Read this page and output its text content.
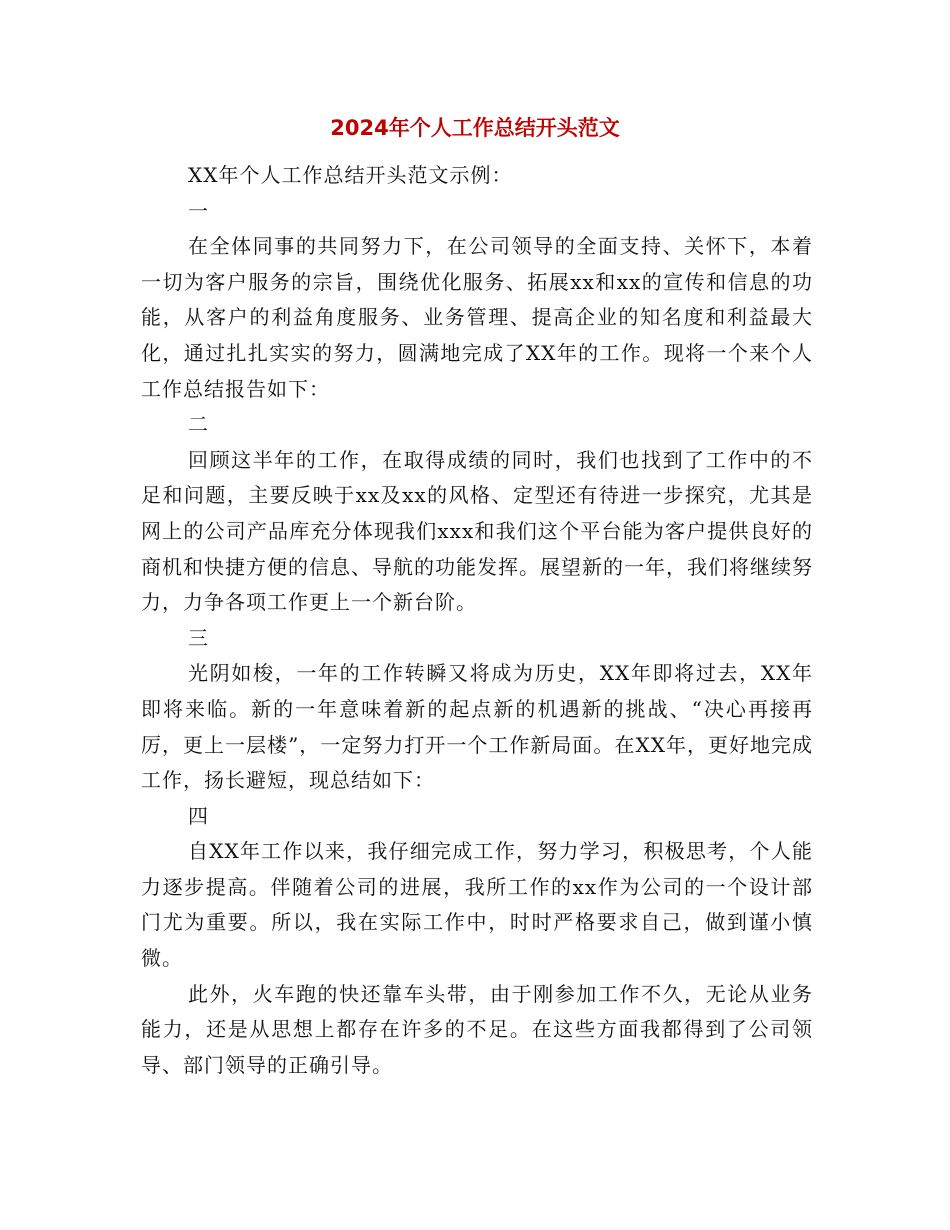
2024年个人工作总结开头范文

XX年个人工作总结开头范文示例：

一

在全体同事的共同努力下，在公司领导的全面支持、关怀下，本着一切为客户服务的宗旨，围绕优化服务、拓展xx和xx的宣传和信息的功能，从客户的利益角度服务、业务管理、提高企业的知名度和利益最大化，通过扎扎实实的努力，圆满地完成了XX年的工作。现将一个来个人工作总结报告如下：

二

回顾这半年的工作，在取得成绩的同时，我们也找到了工作中的不足和问题，主要反映于xx及xx的风格、定型还有待进一步探究，尤其是网上的公司产品库充分体现我们xxx和我们这个平台能为客户提供良好的商机和快捷方便的信息、导航的功能发挥。展望新的一年，我们将继续努力，力争各项工作更上一个新台阶。

三

光阴如梭，一年的工作转瞬又将成为历史，XX年即将过去，XX年即将来临。新的一年意味着新的起点新的机遇新的挑战、“决心再接再厉，更上一层楼”，一定努力打开一个工作新局面。在XX年，更好地完成工作，扬长避短，现总结如下：

四

自XX年工作以来，我仔细完成工作，努力学习，积极思考，个人能力逐步提高。伴随着公司的进展，我所工作的xx作为公司的一个设计部门尤为重要。所以，我在实际工作中，时时严格要求自己，做到谨小慎微。

此外，火车跑的快还靠车头带，由于刚参加工作不久，无论从业务能力，还是从思想上都存在许多的不足。在这些方面我都得到了公司领导、部门领导的正确引导。
